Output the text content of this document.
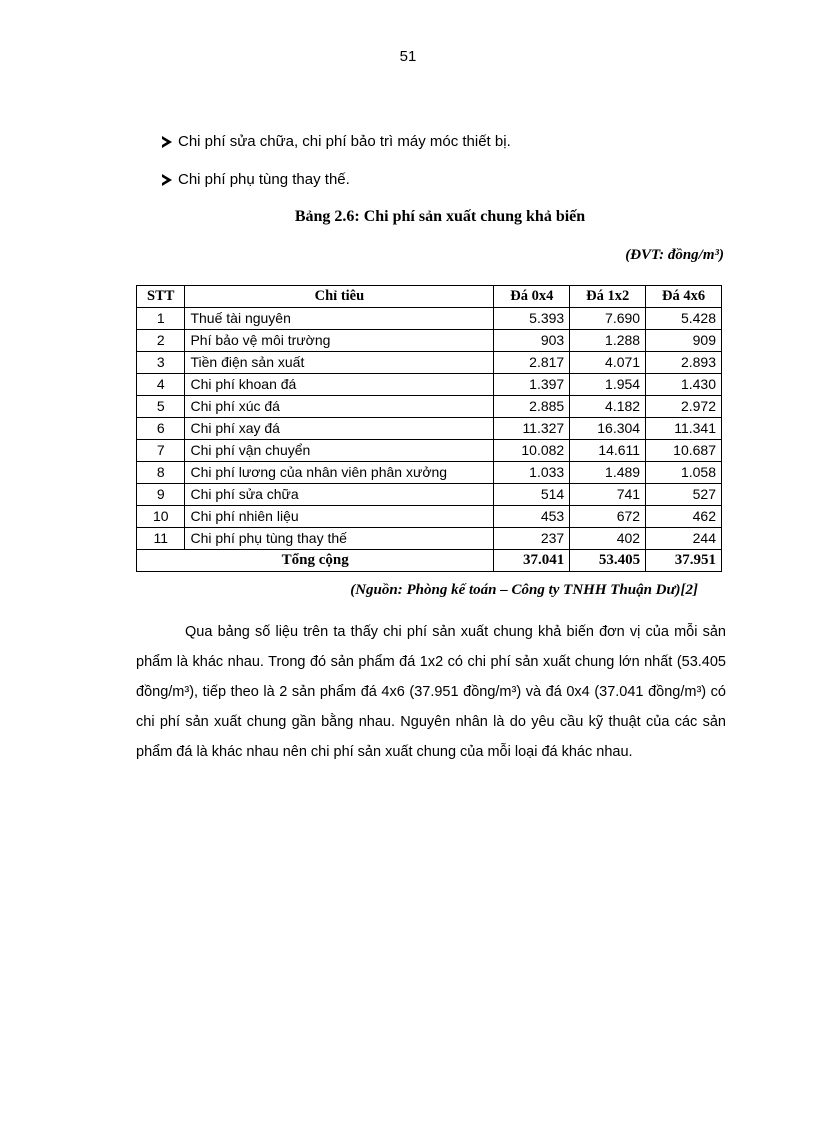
51
Chi phí sửa chữa, chi phí bảo trì máy móc thiết bị.
Chi phí phụ tùng thay thế.
Bảng 2.6: Chi phí sản xuất chung khả biến
(ĐVT: đồng/m³)
STT	Chỉ tiêu	Đá 0x4	Đá 1x2	Đá 4x6
1	Thuế tài nguyên	5.393	7.690	5.428
2	Phí bảo vệ môi trường	903	1.288	909
3	Tiền điện sản xuất	2.817	4.071	2.893
4	Chi phí khoan đá	1.397	1.954	1.430
5	Chi phí xúc đá	2.885	4.182	2.972
6	Chi phí xay đá	11.327	16.304	11.341
7	Chi phí vận chuyển	10.082	14.611	10.687
8	Chi phí lương của nhân viên phân xưởng	1.033	1.489	1.058
9	Chi phí sửa chữa	514	741	527
10	Chi phí nhiên liệu	453	672	462
11	Chi phí phụ tùng thay thế	237	402	244
Tổng cộng		37.041	53.405	37.951
(Nguồn: Phòng kế toán – Công ty TNHH Thuận Dư)[2]

Qua bảng số liệu trên ta thấy chi phí sản xuất chung khả biến đơn vị của mỗi sản phẩm là khác nhau. Trong đó sản phẩm đá 1x2 có chi phí sản xuất chung lớn nhất (53.405 đồng/m³), tiếp theo là 2 sản phẩm đá 4x6 (37.951 đồng/m³) và đá 0x4 (37.041 đồng/m³) có chi phí sản xuất chung gần bằng nhau. Nguyên nhân là do yêu cầu kỹ thuật của các sản phẩm đá là khác nhau nên chi phí sản xuất chung của mỗi loại đá khác nhau.
